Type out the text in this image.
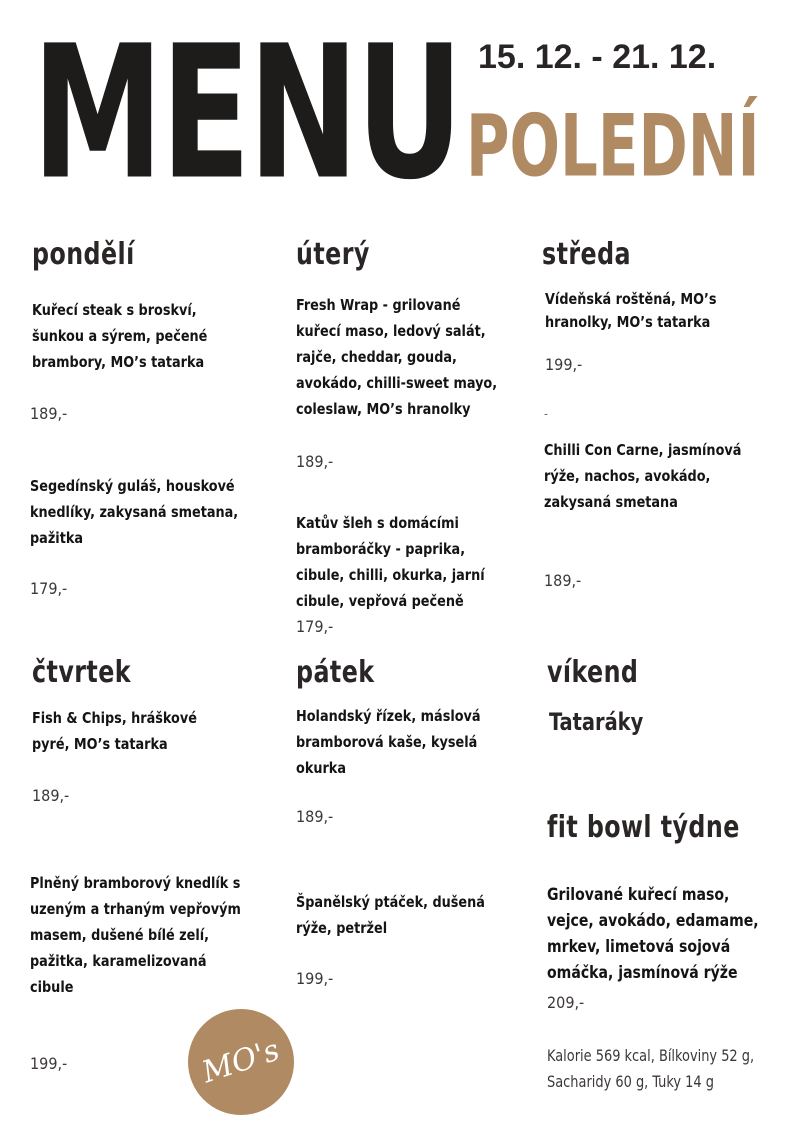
MENU 15. 12. - 21. 12.
POLEDNÍ
pondělí
Kuřecí steak s broskví, šunkou a sýrem, pečené brambory, MO’s tatarka
189,-
Segedínský guláš, houskové knedlíky, zakysaná smetana, pažitka
179,-
úterý
Fresh Wrap - grilované kuřecí maso, ledový salát, rajče, cheddar, gouda, avokádo, chilli-sweet mayo, coleslaw, MO’s hranolky
189,-
Katův šleh s domácími bramboráčky - paprika, cibule, chilli, okurka, jarní cibule, vepřová pečeně
179,-
středa
Vídeňská roštěná, MO’s hranolky, MO’s tatarka
199,-
-
Chilli Con Carne, jasmínová rýže, nachos, avokádo, zakysaná smetana
189,-
čtvrtek
Fish & Chips, hráškové pyré, MO’s tatarka
189,-
Plněný bramborový knedlík s uzeným a trhaným vepřovým masem, dušené bílé zelí, pažitka, karamelizovaná cibule
199,-
pátek
Holandský řízek, máslová bramborová kaše, kyselá okurka
189,-
Španělský ptáček, dušená rýže, petržel
199,-
víkend
Tataráky
fit bowl týdne
Grilované kuřecí maso, vejce, avokádo, edamame, mrkev, limetová sojová omáčka, jasmínová rýže
209,-
Kalorie 569 kcal, Bílkoviny 52 g,
Sacharidy 60 g, Tuky 14 g
MO's
